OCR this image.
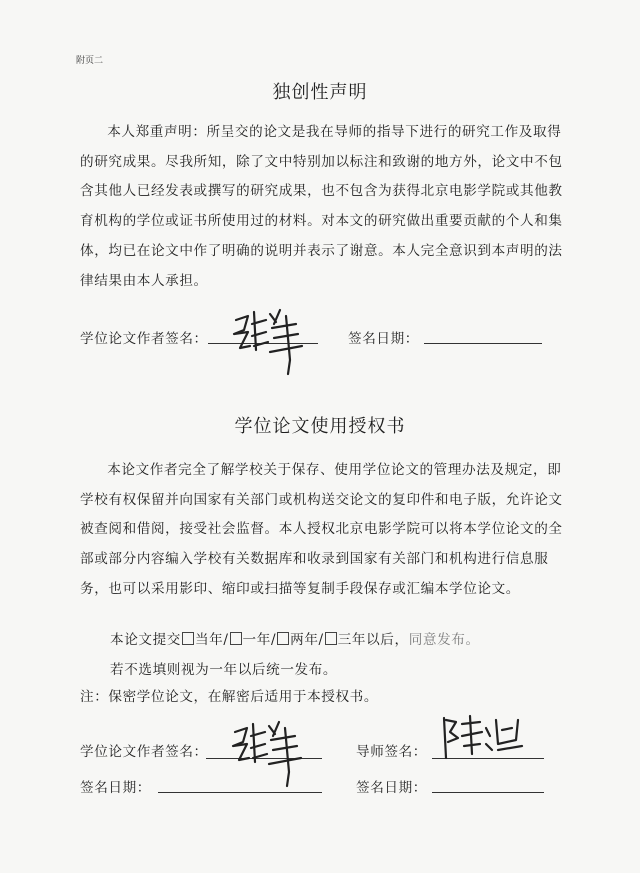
附页二
独创性声明

本人郑重声明：所呈交的论文是我在导师的指导下进行的研究工作及取得的研究成果。尽我所知，除了文中特别加以标注和致谢的地方外，论文中不包含其他人已经发表或撰写的研究成果，也不包含为获得北京电影学院或其他教育机构的学位或证书所使用过的材料。对本文的研究做出重要贡献的个人和集体，均已在论文中作了明确的说明并表示了谢意。本人完全意识到本声明的法律结果由本人承担。

学位论文作者签名：	签名日期：
学位论文使用授权书

本论文作者完全了解学校关于保存、使用学位论文的管理办法及规定，即学校有权保留并向国家有关部门或机构送交论文的复印件和电子版，允许论文被查阅和借阅，接受社会监督。本人授权北京电影学院可以将本学位论文的全部或部分内容编入学校有关数据库和收录到国家有关部门和机构进行信息服务，也可以采用影印、缩印或扫描等复制手段保存或汇编本学位论文。

本论文提交 当年/ 一年/ 两年/ 三年以后，同意发布。
若不选填则视为一年以后统一发布。
注：保密学位论文，在解密后适用于本授权书。
学位论文作者签名：	导师签名：
签名日期：	签名日期：
